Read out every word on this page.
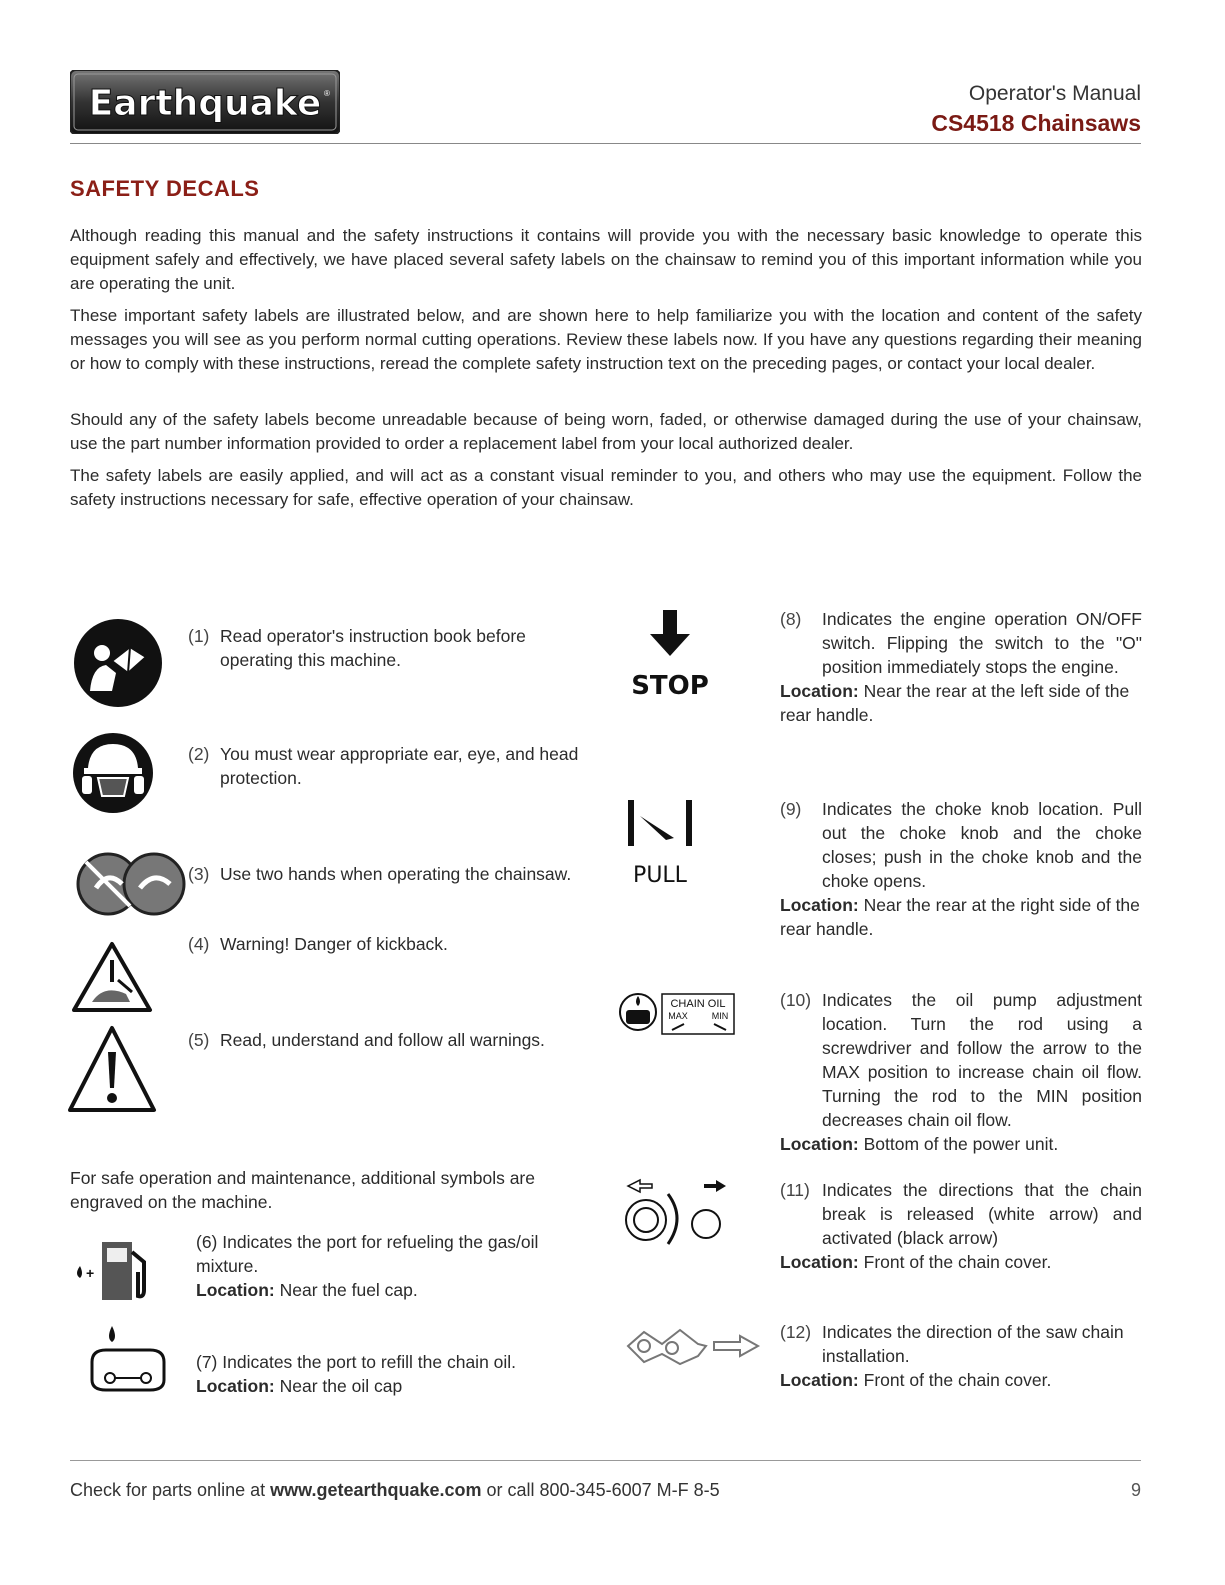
Earthquake ®	Operator's Manual
CS4518 Chainsaws
SAFETY DECALS

Although reading this manual and the safety instructions it contains will provide you with the necessary basic knowledge to operate this equipment safely and effectively, we have placed several safety labels on the chainsaw to remind you of this important information while you are operating the unit.

These important safety labels are illustrated below, and are shown here to help familiarize you with the location and content of the safety messages you will see as you perform normal cutting operations. Review these labels now. If you have any questions regarding their meaning or how to comply with these instructions, reread the complete safety instruction text on the preceding pages, or contact your local dealer.

Should any of the safety labels become unreadable because of being worn, faded, or otherwise damaged during the use of your chainsaw, use the part number information provided to order a replacement label from your local authorized dealer.

The safety labels are easily applied, and will act as a constant visual reminder to you, and others who may use the equipment. Follow the safety instructions necessary for safe, effective operation of your chainsaw.

(1) Read operator's instruction book before operating this machine.
(2) You must wear appropriate ear, eye, and head protection.
(3) Use two hands when operating the chainsaw.
(4) Warning! Danger of kickback.
(5) Read, understand and follow all warnings.
For safe operation and maintenance, additional symbols are engraved on the machine.
+
(6) Indicates the port for refueling the gas/oil mixture.
Location: Near the fuel cap.
(7) Indicates the port to refill the chain oil.
Location: Near the oil cap
STOP
PULL
CHAIN OIL
MAX	MIN
(8)	Indicates the engine operation ON/OFF switch. Flipping the switch to the "O" position immediately stops the engine.
Location: Near the rear at the left side of the rear handle.
(9)	Indicates the choke knob location. Pull out the choke knob and the choke closes; push in the choke knob and the choke opens.
Location: Near the rear at the right side of the rear handle.
(10) Indicates the oil pump adjustment location. Turn the rod using a screwdriver and follow the arrow to the MAX position to increase chain oil flow. Turning the rod to the MIN position decreases chain oil flow.
Location: Bottom of the power unit.
(11) Indicates the directions that the chain break is released (white arrow) and activated (black arrow)
Location: Front of the chain cover.
(12) Indicates the direction of the saw chain installation.
Location: Front of the chain cover.
Check for parts online at www.getearthquake.com or call 800-345-6007 M-F 8-5	9
